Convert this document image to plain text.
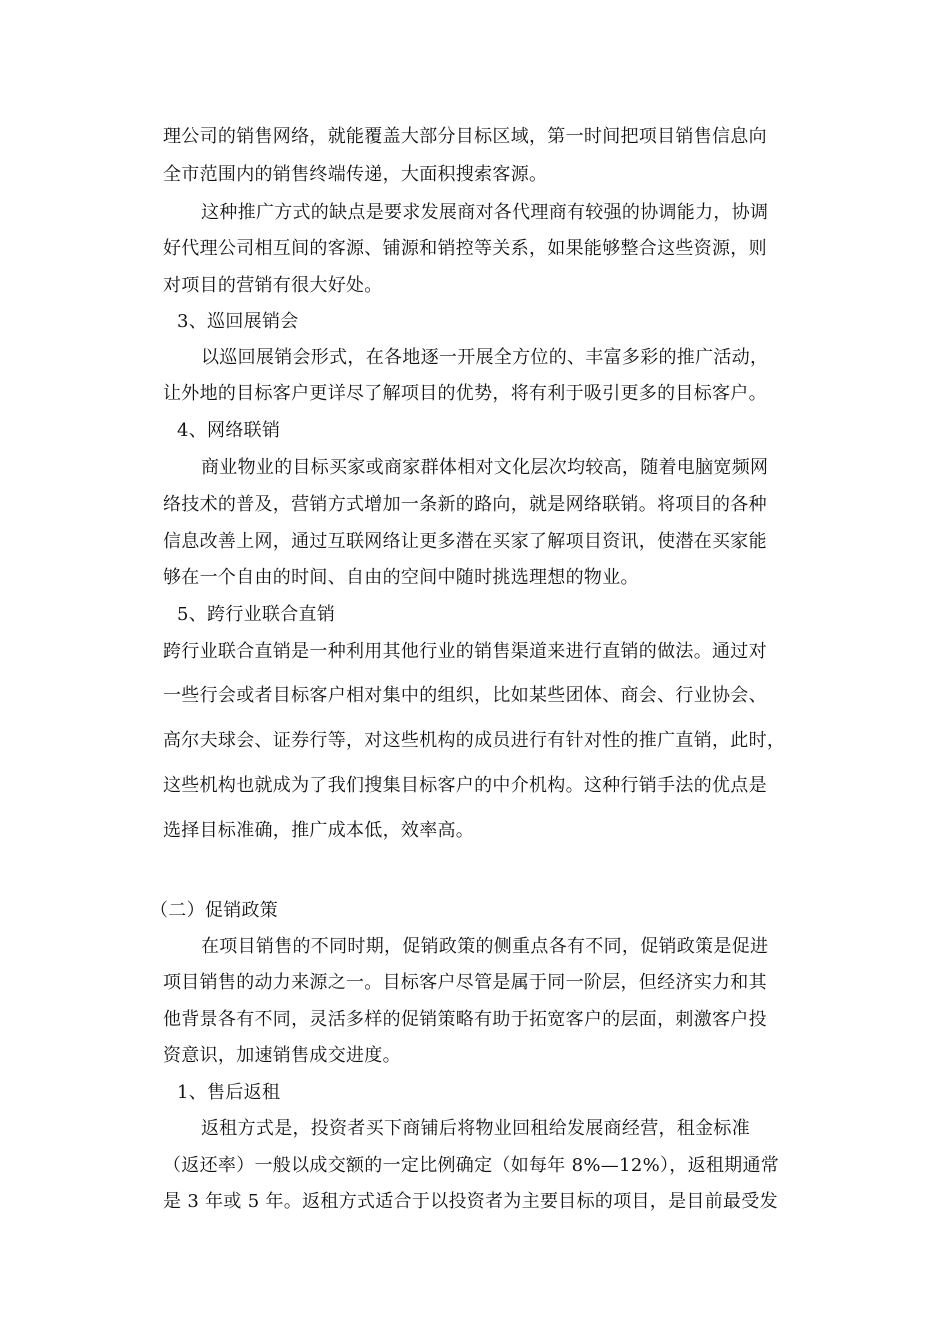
理公司的销售网络，就能覆盖大部分目标区域，第一时间把项目销售信息向
全市范围内的销售终端传递，大面积搜索客源。
这种推广方式的缺点是要求发展商对各代理商有较强的协调能力，协调
好代理公司相互间的客源、铺源和销控等关系，如果能够整合这些资源，则
对项目的营销有很大好处。
3、巡回展销会
以巡回展销会形式，在各地逐一开展全方位的、丰富多彩的推广活动，
让外地的目标客户更详尽了解项目的优势，将有利于吸引更多的目标客户。
4、网络联销
商业物业的目标买家或商家群体相对文化层次均较高，随着电脑宽频网
络技术的普及，营销方式增加一条新的路向，就是网络联销。将项目的各种
信息改善上网，通过互联网络让更多潜在买家了解项目资讯，使潜在买家能
够在一个自由的时间、自由的空间中随时挑选理想的物业。
5、跨行业联合直销
跨行业联合直销是一种利用其他行业的销售渠道来进行直销的做法。通过对
一些行会或者目标客户相对集中的组织，比如某些团体、商会、行业协会、
高尔夫球会、证券行等，对这些机构的成员进行有针对性的推广直销，此时，
这些机构也就成为了我们搜集目标客户的中介机构。这种行销手法的优点是
选择目标准确，推广成本低，效率高。
（二）促销政策
在项目销售的不同时期，促销政策的侧重点各有不同，促销政策是促进
项目销售的动力来源之一。目标客户尽管是属于同一阶层，但经济实力和其
他背景各有不同，灵活多样的促销策略有助于拓宽客户的层面，刺激客户投
资意识，加速销售成交进度。
1、售后返租
返租方式是，投资者买下商铺后将物业回租给发展商经营，租金标准
（返还率）一般以成交额的一定比例确定（如每年 8%—12%），返租期通常
是 3 年或 5 年。返租方式适合于以投资者为主要目标的项目，是目前最受发
